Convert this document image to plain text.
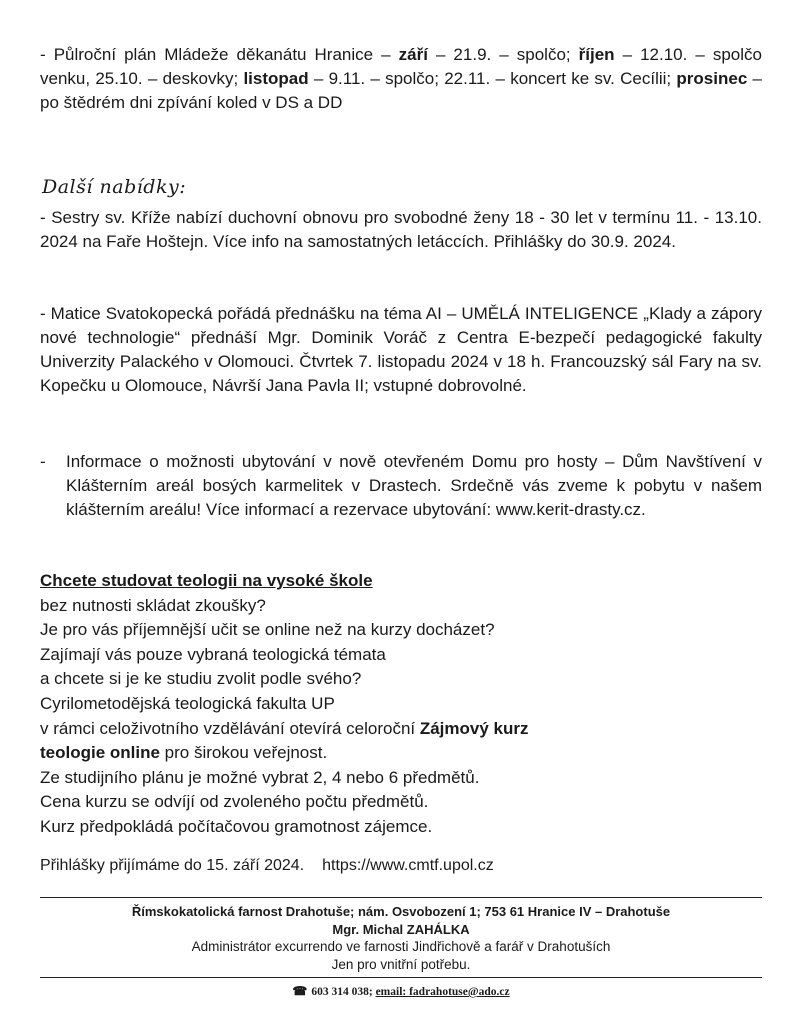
- Půlroční plán Mládeže děkanátu Hranice – září – 21.9. – spolčo; říjen – 12.10. – spolčo venku, 25.10. – deskovky; listopad – 9.11. – spolčo; 22.11. – koncert ke sv. Cecílii; prosinec – po štědrém dni zpívání koled v DS a DD

Další nabídky:

- Sestry sv. Kříže nabízí duchovní obnovu pro svobodné ženy 18 - 30 let v termínu 11. - 13.10. 2024 na Faře Hoštejn. Více info na samostatných letáccích. Přihlášky do 30.9. 2024.

- Matice Svatokopecká pořádá přednášku na téma AI – UMĚLÁ INTELIGENCE „Klady a zápory nové technologie“ přednáší Mgr. Dominik Voráč z Centra E-bezpečí pedagogické fakulty Univerzity Palackého v Olomouci. Čtvrtek 7. listopadu 2024 v 18 h. Francouzský sál Fary na sv. Kopečku u Olomouce, Návrší Jana Pavla II; vstupné dobrovolné.

- Informace o možnosti ubytování v nově otevřeném Domu pro hosty – Dům Navštívení v Klášterním areál bosých karmelitek v Drastech. Srdečně vás zveme k pobytu v našem klášterním areálu! Více informací a rezervace ubytování: www.kerit-drasty.cz.

Chcete studovat teologii na vysoké škole
bez nutnosti skládat zkoušky?
Je pro vás příjemnější učit se online než na kurzy docházet?
Zajímají vás pouze vybraná teologická témata
a chcete si je ke studiu zvolit podle svého?
Cyrilometodějská teologická fakulta UP
v rámci celoživotního vzdělávání otevírá celoroční Zájmový kurz
teologie online pro širokou veřejnost.
Ze studijního plánu je možné vybrat 2, 4 nebo 6 předmětů.
Cena kurzu se odvíjí od zvoleného počtu předmětů.
Kurz předpokládá počítačovou gramotnost zájemce.
Přihlášky přijímáme do 15. září 2024. https://www.cmtf.upol.cz
Římskokatolická farnost Drahotuše; nám. Osvobození 1; 753 61 Hranice IV – Drahotuše
Mgr. Michal ZAHÁLKA
Administrátor excurrendo ve farnosti Jindřichově a farář v Drahotuších
Jen pro vnitřní potřebu.
☎ 603 314 038; email: fadrahotuse@ado.cz
